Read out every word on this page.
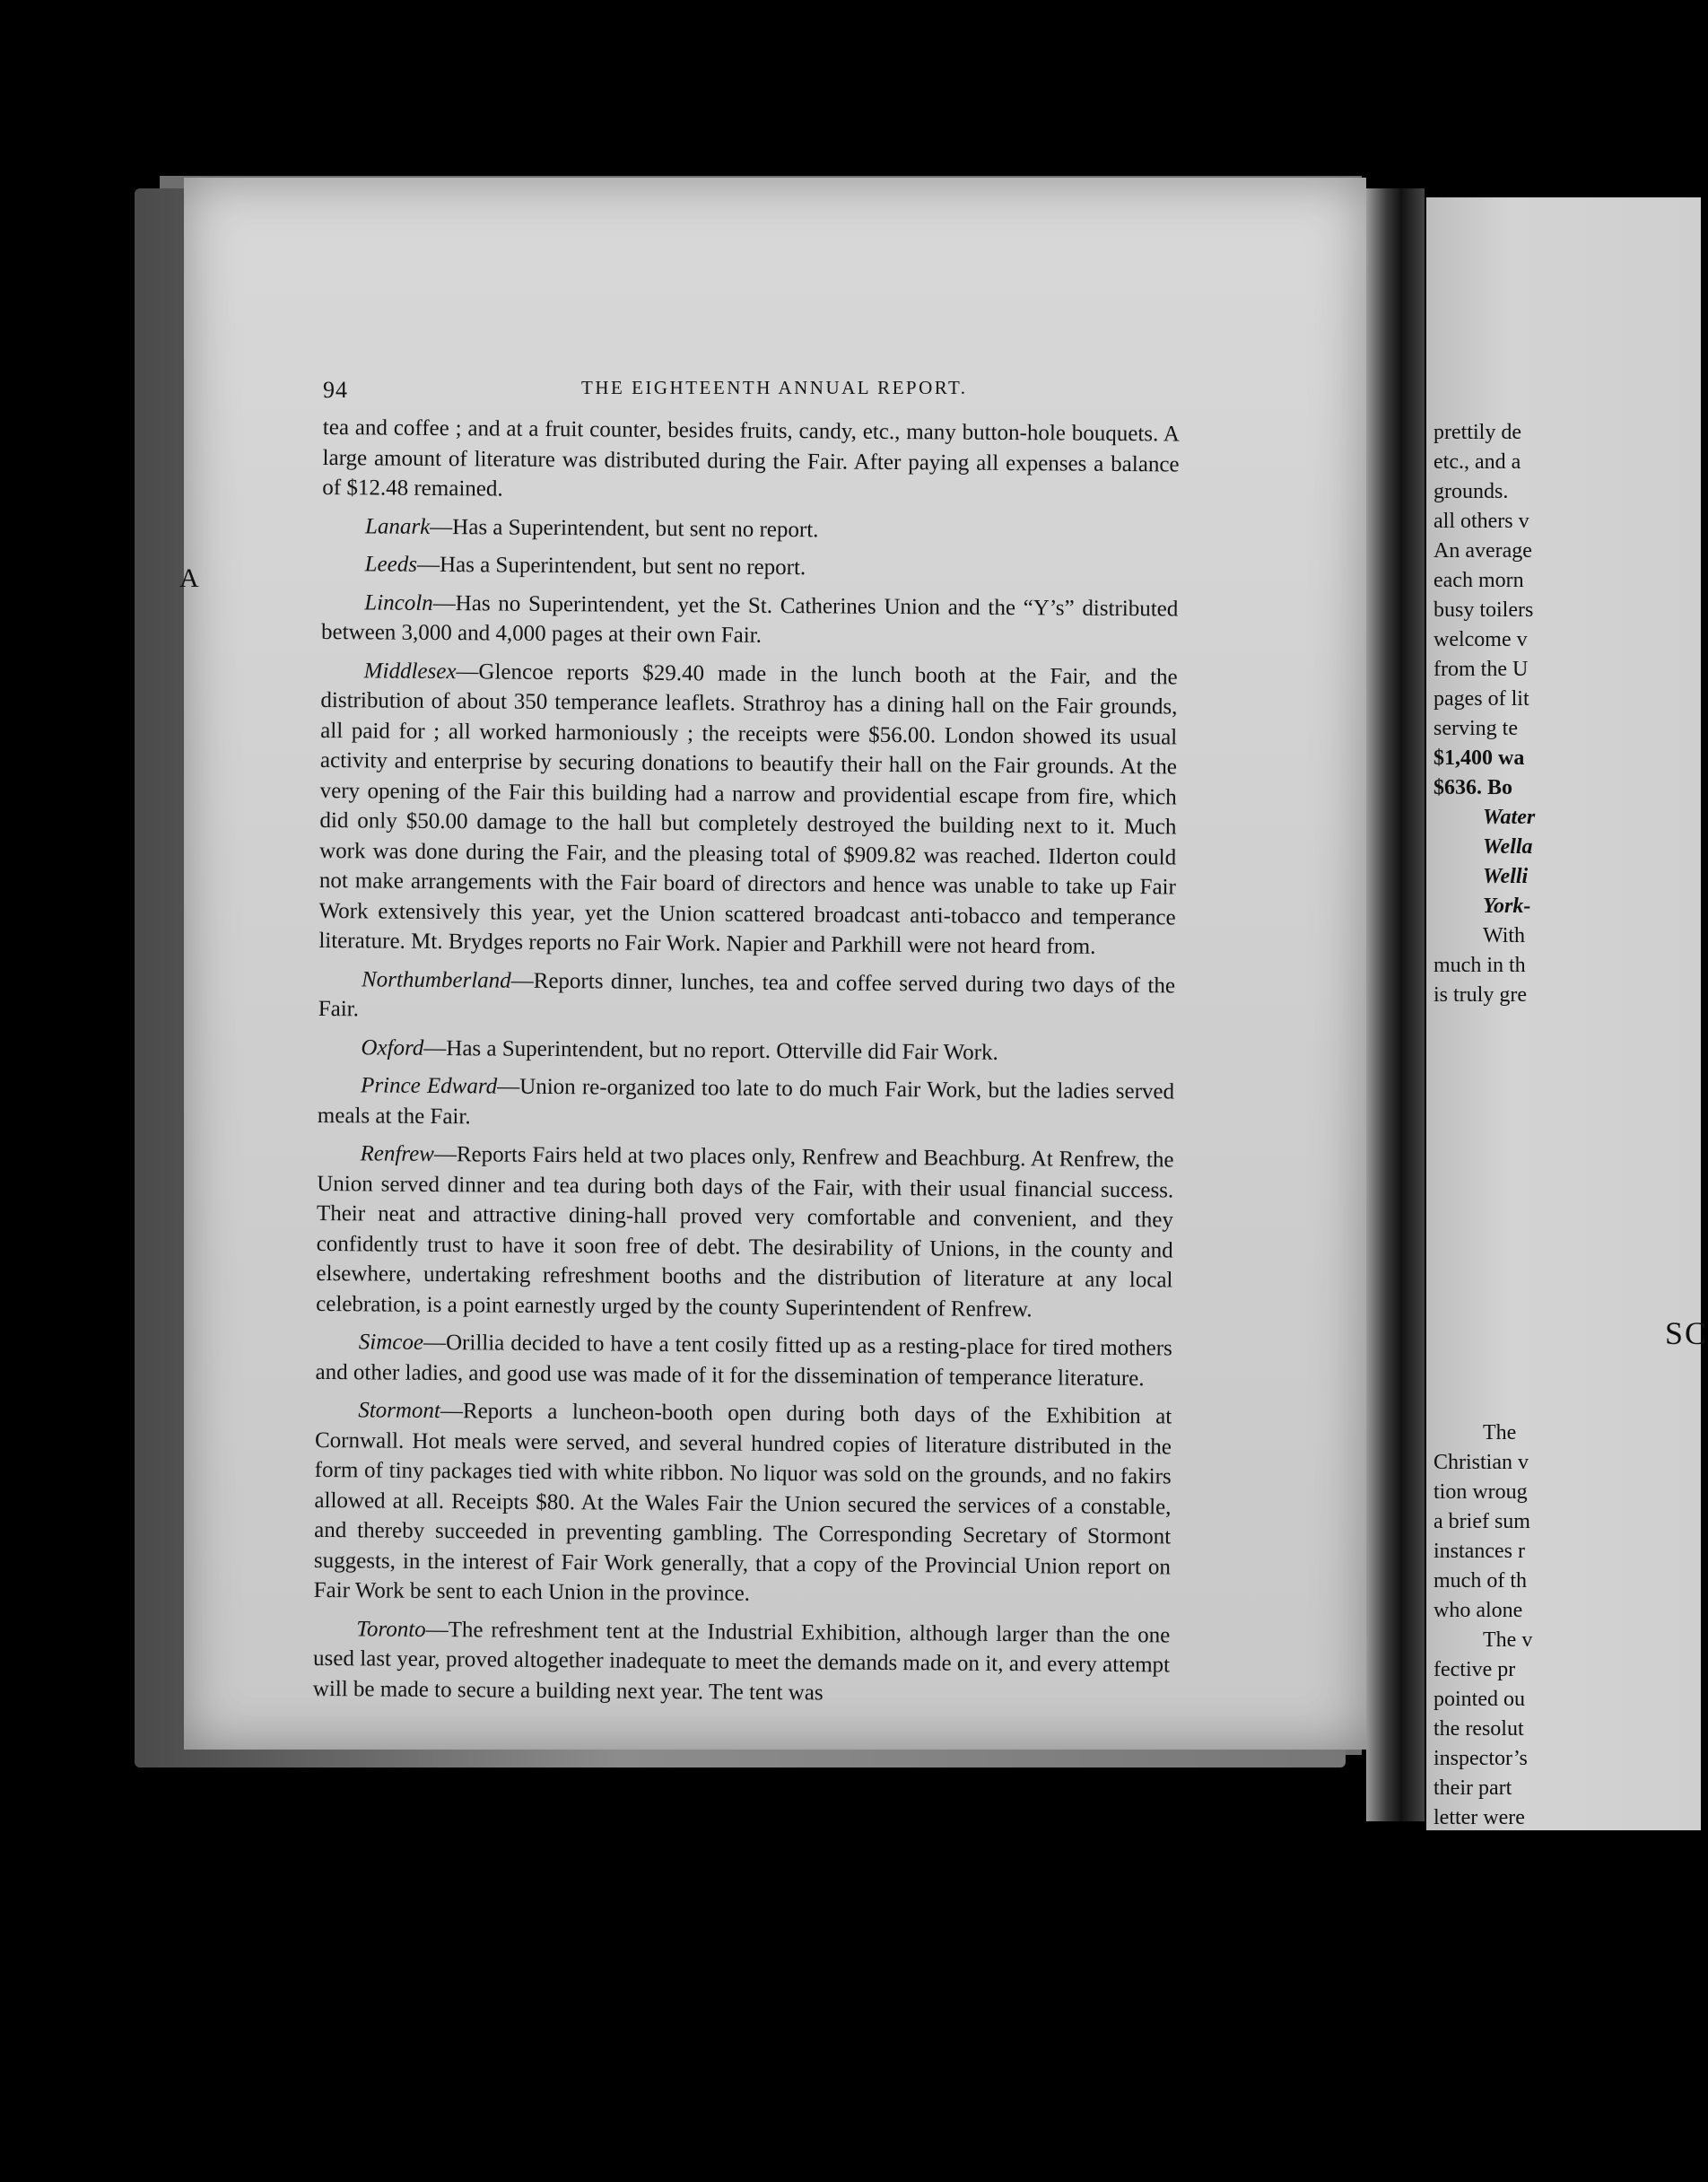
94	THE EIGHTEENTH ANNUAL REPORT.

tea and coffee ; and at a fruit counter, besides fruits, candy, etc., many button-hole bouquets. A large amount of literature was distributed during the Fair. After paying all expenses a balance of $12.48 remained.

Lanark—Has a Superintendent, but sent no report.

Leeds—Has a Superintendent, but sent no report.

Lincoln—Has no Superintendent, yet the St. Catherines Union and the “Y’s” distributed between 3,000 and 4,000 pages at their own Fair.

Middlesex—Glencoe reports $29.40 made in the lunch booth at the Fair, and the distribution of about 350 temperance leaflets. Strathroy has a dining hall on the Fair grounds, all paid for ; all worked harmoniously ; the receipts were $56.00. London showed its usual activity and enterprise by securing donations to beautify their hall on the Fair grounds. At the very opening of the Fair this building had a narrow and providential escape from fire, which did only $50.00 damage to the hall but completely destroyed the building next to it. Much work was done during the Fair, and the pleasing total of $909.82 was reached. Ilderton could not make arrangements with the Fair board of directors and hence was unable to take up Fair Work extensively this year, yet the Union scattered broadcast anti-tobacco and temperance literature. Mt. Brydges reports no Fair Work. Napier and Parkhill were not heard from.

Northumberland—Reports dinner, lunches, tea and coffee served during two days of the Fair.

Oxford—Has a Superintendent, but no report. Otterville did Fair Work.

Prince Edward—Union re-organized too late to do much Fair Work, but the ladies served meals at the Fair.

Renfrew—Reports Fairs held at two places only, Renfrew and Beachburg. At Renfrew, the Union served dinner and tea during both days of the Fair, with their usual financial success. Their neat and attractive dining-hall proved very comfortable and convenient, and they confidently trust to have it soon free of debt. The desirability of Unions, in the county and elsewhere, undertaking refreshment booths and the distribution of literature at any local celebration, is a point earnestly urged by the county Superintendent of Renfrew.

Simcoe—Orillia decided to have a tent cosily fitted up as a resting-place for tired mothers and other ladies, and good use was made of it for the dissemination of temperance literature.

Stormont—Reports a luncheon-booth open during both days of the Exhibition at Cornwall. Hot meals were served, and several hundred copies of literature distributed in the form of tiny packages tied with white ribbon. No liquor was sold on the grounds, and no fakirs allowed at all. Receipts $80. At the Wales Fair the Union secured the services of a constable, and thereby succeeded in preventing gambling. The Corresponding Secretary of Stormont suggests, in the interest of Fair Work generally, that a copy of the Provincial Union report on Fair Work be sent to each Union in the province.

Toronto—The refreshment tent at the Industrial Exhibition, although larger than the one used last year, proved altogether inadequate to meet the demands made on it, and every attempt will be made to secure a building next year. The tent was

A
prettily de
etc., and a
grounds.
all others v
An average
each morn
busy toilers
welcome v
from the U
pages of lit
serving te
$1,400 wa
$636. Bo
Water
Wella
Welli
York-
With
much in th
is truly gre
SC
The
Christian v
tion wroug
a brief sum
instances r
much of th
who alone
The v
fective pr
pointed ou
the resolut
inspector’s
their part
letter were
